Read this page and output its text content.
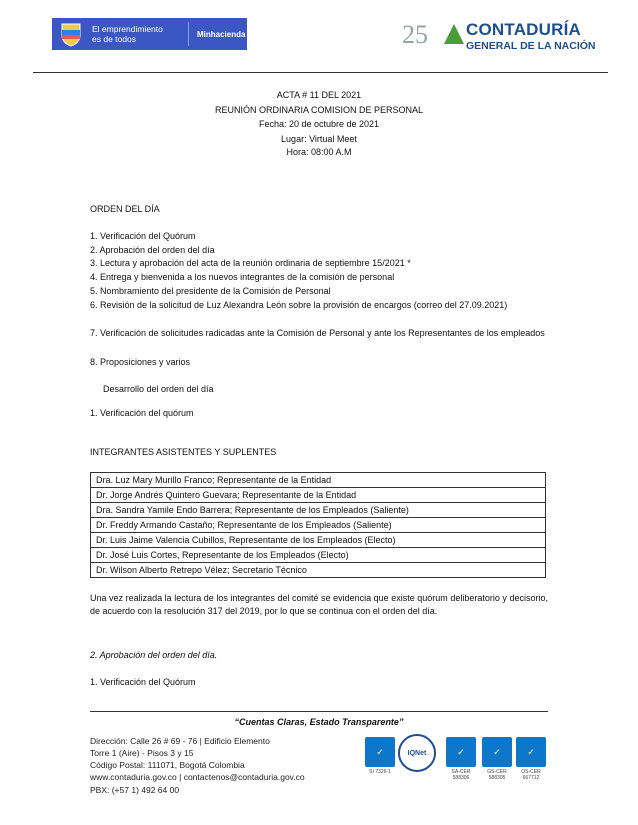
El emprendimiento
es de todos	Minhacienda	25 CONTADURÍA
GENERAL DE LA NACIÓN
ACTA # 11 DEL 2021
REUNIÓN ORDINARIA COMISION DE PERSONAL
Fecha: 20 de octubre de 2021
Lugar: Virtual Meet
Hora: 08:00 A.M
ORDEN DEL DÍA
1. Verificación del Quórum
2. Aprobación del orden del día
3. Lectura y aprobación del acta de la reunión ordinaria de septiembre 15/2021 *
4. Entrega y bienvenida a los nuevos integrantes de la comisión de personal
5. Nombramiento del presidente de la Comisión de Personal
6. Revisión de la solicitud de Luz Alexandra León sobre la provisión de encargos (correo del 27.09.2021)
7. Verificación de solicitudes radicadas ante la Comisión de Personal y ante los Representantes de los empleados
8. Proposiciones y varios
Desarrollo del orden del día
1. Verificación del quórum
INTEGRANTES ASISTENTES Y SUPLENTES
Dra. Luz Mary Murillo Franco; Representante de la Entidad
Dr. Jorge Andrés Quintero Guevara; Representante de la Entidad
Dra. Sandra Yamile Endo Barrera; Representante de los Empleados (Saliente)
Dr. Freddy Armando Castaño; Representante de los Empleados (Saliente)
Dr. Luis Jaime Valencia Cubillos, Representante de los Empleados (Electo)
Dr. José Luis Cortes, Representante de los Empleados (Electo)
Dr. Wilson Alberto Retrepo Vélez; Secretario Técnico
Una vez realizada la lectura de los integrantes del comité se evidencia que existe quórum deliberatorio y decisorio, de acuerdo con la resolución 317 del 2019, por lo que se continua con el orden del día.
2. Aprobación del orden del día.
1. Verificación del Quórum
“Cuentas Claras, Estado Transparente”
Dirección: Calle 26 # 69 - 76 | Edificio Elemento
Torre 1 (Aire) - Pisos 3 y 15
Código Postal: 111071, Bogotá Colombia
www.contaduria.gov.co | contactenos@contaduria.gov.co
PBX: (+57 1) 492 64 00
✓
SI 7326-1
IQNet	✓
SA-CER 588306
✓
GS-CER 588305
✓
OS-CER 667712
